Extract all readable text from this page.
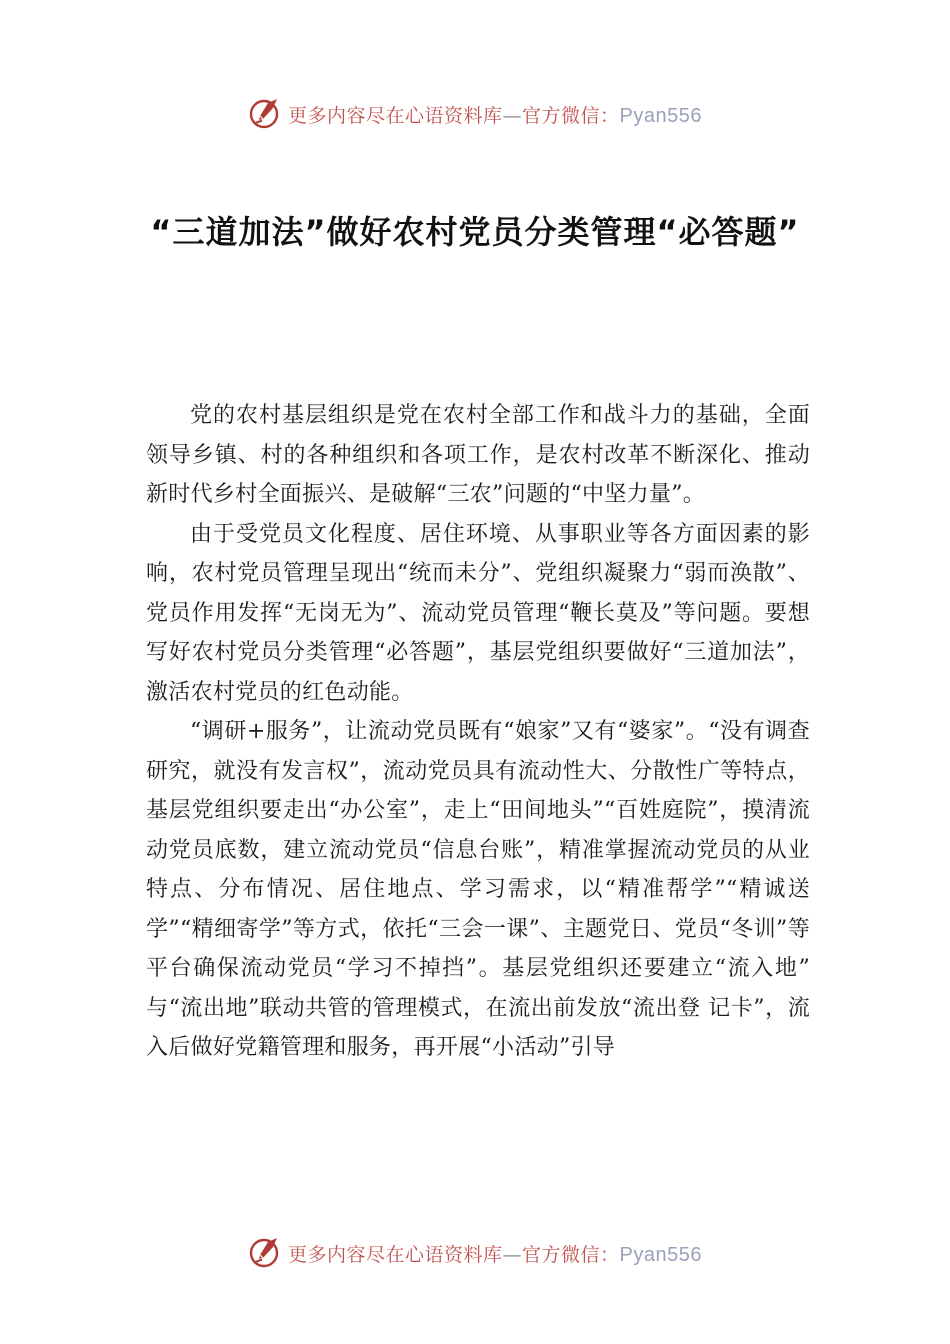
更多内容尽在心语资料库—官方微信：Pyan556
“三道加法”做好农村党员分类管理“必答题”

党的农村基层组织是党在农村全部工作和战斗力的基础，全面领导乡镇、村的各种组织和各项工作，是农村改革不断深化、推动新时代乡村全面振兴、是破解“三农”问题的“中坚力量”。

由于受党员文化程度、居住环境、从事职业等各方面因素的影响，农村党员管理呈现出“统而未分”、党组织凝聚力“弱而涣散”、党员作用发挥“无岗无为”、流动党员管理“鞭长莫及”等问题。要想写好农村党员分类管理“必答题”，基层党组织要做好“三道加法”，激活农村党员的红色动能。

“调研+服务”，让流动党员既有“娘家”又有“婆家”。“没有调查研究，就没有发言权”，流动党员具有流动性大、分散性广等特点，基层党组织要走出“办公室”，走上“田间地头”“百姓庭院”，摸清流动党员底数，建立流动党员“信息台账”，精准掌握流动党员的从业特点、分布情况、居住地点、学习需求，以“精准帮学”“精诚送学”“精细寄学”等方式，依托“三会一课”、主题党日、党员“冬训”等平台确保流动党员“学习不掉挡”。基层党组织还要建立“流入地” 与“流出地”联动共管的管理模式，在流出前发放“流出登 记卡”，流入后做好党籍管理和服务，再开展“小活动”引导

更多内容尽在心语资料库—官方微信：Pyan556
